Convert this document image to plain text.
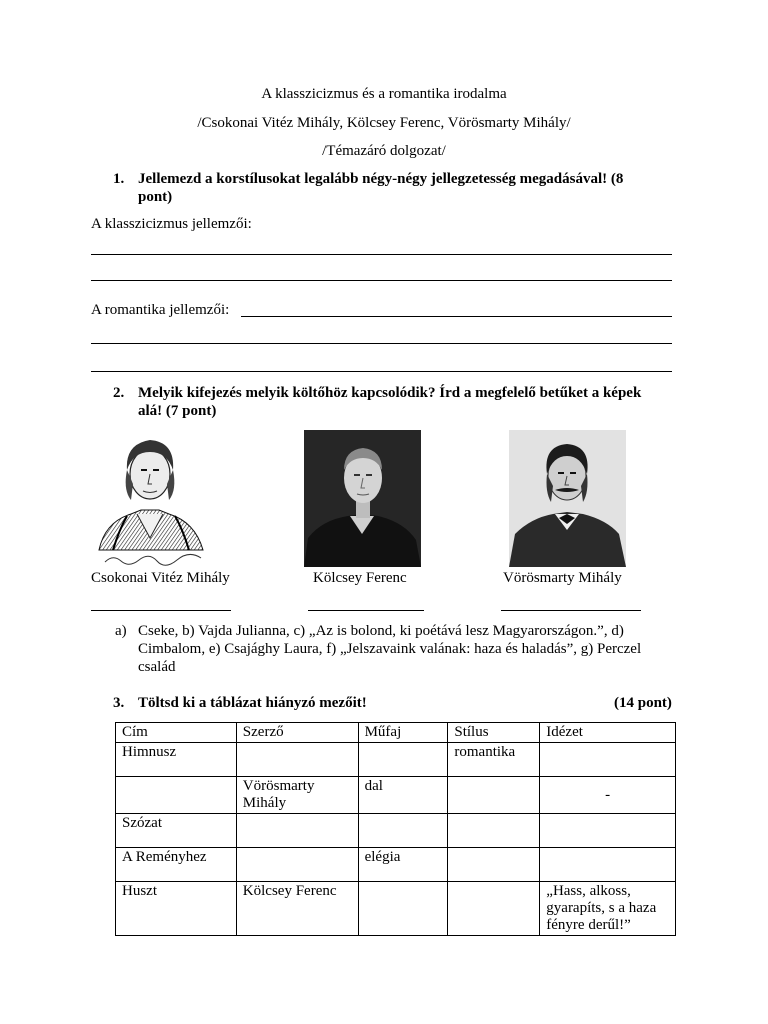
A klasszicizmus és a romantika irodalma
/Csokonai Vitéz Mihály, Kölcsey Ferenc, Vörösmarty Mihály/
/Témazáró dolgozat/
1. Jellemezd a korstílusokat legalább négy-négy jellegzetesség megadásával! (8
pont)
A klasszicizmus jellemzői:
A romantika jellemzői:
2. Melyik kifejezés melyik költőhöz kapcsolódik? Írd a megfelelő betűket a képek
alá! (7 pont)
Csokonai Vitéz Mihály	Kölcsey Ferenc	Vörösmarty Mihály
a) Cseke, b) Vajda Julianna, c) „Az is bolond, ki poétává lesz Magyarországon.”, d)
Cimbalom, e) Csajághy Laura, f) „Jelszavaink valának: haza és haladás”, g) Perczel
család
3. Töltsd ki a táblázat hiányzó mezőit!	(14 pont)
Cím	Szerző	Műfaj	Stílus	Idézet
Himnusz			romantika	
	Vörösmarty Mihály	dal		-
Szózat				
A Reményhez		elégia		
Huszt	Kölcsey Ferenc			„Hass, alkoss, gyarapíts, s a haza fényre derűl!”
